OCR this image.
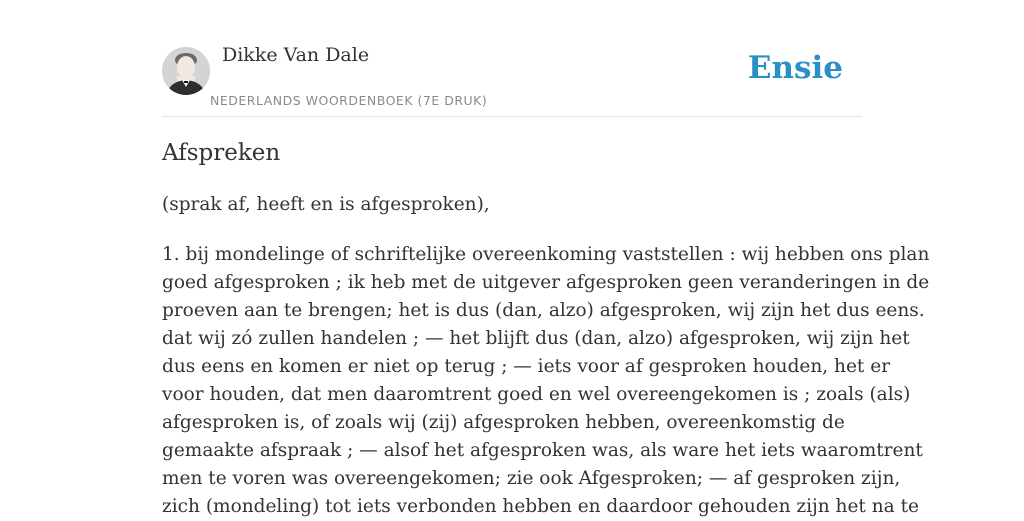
Dikke Van Dale
NEDERLANDS WOORDENBOEK (7E DRUK)
Ensie
Afspreken

(sprak af, heeft en is afgesproken),

1. bij mondelinge of schriftelijke overeenkoming vaststellen : wij hebben ons plan
goed afgesproken ; ik heb met de uitgever afgesproken geen veranderingen in de
proeven aan te brengen; het is dus (dan, alzo) afgesproken, wij zijn het dus eens.
dat wij zó zullen handelen ; — het blijft dus (dan, alzo) afgesproken, wij zijn het
dus eens en komen er niet op terug ; — iets voor af gesproken houden, het er
voor houden, dat men daaromtrent goed en wel overeengekomen is ; zoals (als)
afgesproken is, of zoals wij (zij) afgesproken hebben, overeenkomstig de
gemaakte afspraak ; — alsof het afgesproken was, als ware het iets waaromtrent
men te voren was overeengekomen; zie ook Afgesproken; — af gesproken zijn,
zich (mondeling) tot iets verbonden hebben en daardoor gehouden zijn het na te
